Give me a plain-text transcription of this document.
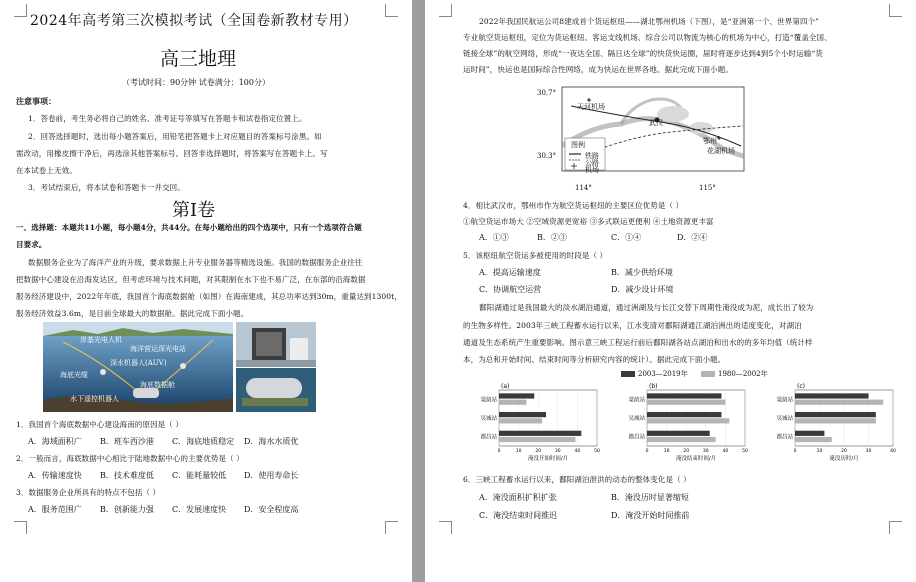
2024年高考第三次模拟考试（全国卷新教材专用）
高三地理
（考试时间：90分钟 试卷满分：100分）
注意事项：
1．答卷前，考生务必将自己的姓名、准考证号等填写在答题卡和试卷指定位置上。
2．回答选择题时，选出每小题答案后，用铅笔把答题卡上对应题目的答案标号涂黑。如
需改动，用橡皮擦干净后，再选涂其他答案标号。回答非选择题时，将答案写在答题卡上。写
在本试卷上无效。
3．考试结束后，将本试卷和答题卡一并交回。
第Ⅰ卷
一、选择题：本题共11小题，每小题4分，共44分。在每小题给出的四个选项中，只有一个选项符合题
目要求。
数据服务企业为了海洋产业的升级，要求数据上升专业服务器等精选设施。我国的数据服务企业往往
把数据中心建设在沿海发达区，但考虑环境与技术问题，对其限制在水下也不易广泛，在东部的沿海数据
服务经济建设中，2022年年底，我国首个海底数据舱（如图）在海南建成，其总功率达到30m，重量达到1300t，
服务经济效益3.6m，是目前全球最大的数据舱。据此完成下面小题。
岸基光电人机
海洋营运深光电站
深水机器人(AUV)
海底光缆
海底数据舱
水下遥控机器人
1．我国首个海底数据中心建设海南的原因是（ ）
A．海域面积广 B．班车西沙港 C．海底地质稳定 D．海水水质优
2．一般而言，海底数据中心相比于陆地数据中心的主要优势是（ ）
A．传输速度快 B．技术难度低 C．能耗量较低 D．使用寿命长
3．数据服务企业所具有的特点不包括（ ）
A．服务范围广 B．创新能力强 C．发展速度快 D．安全程度高
2022年我国民航运公司8建成首个货运枢纽——湖北鄂州机场（下图），是“亚洲第一个、世界第四个”
专业航空货运枢纽，定位为货运枢纽、客运支线机场、综合公司以物流为核心的机场为中心，打造“覆盖全国、
链接全球”的航空网络，形成“一夜达全国、隔日达全球”的快货快运圈，届时将逐步达到4到5个小时运输“货
运时间”，快运也是国际综合性网络，成为快运在世界各地。据此完成下面小题。
30.7°
30.3°
114°	115°
天河机场
武汉
鄂州
花湖机场
图例
铁路
公路
机场
4．相比武汉市，鄂州市作为航空货运枢纽的主要区位优势是（ ）
①航空货运市场大 ②空域资源更宽裕 ③多式联运更便利 ④土地资源更丰富
A．①③	B．②③	C．①④	D．②④
5．该枢纽航空货运多被使用的时段是（ ）
A．提高运输速度	B．减少供给环境
C．协调航空运营	D．减少设计环境
鄱阳湖通过是我国最大的淡水湖泊通道，通过洲湖及与长江交替下周期性淹没成为泥，成长出了较为
的生物多样性。2003年三峡工程蓄水运行以来，江水变清对鄱阳湖通江湖泊洲出的适度变化，对湖泊
通道及生态系统产生重要影响。图示意三峡工程运行前后鄱阳湖各站点湖泊和出水的的多年均值（统计样
本，为总和开始时间、结束时间等分析研究内容的统计）。据此完成下面小题。
2003—2019年	1980—2002年
(a)
0	10	20	30	40	50
棠荫站
吴城站
都昌站
淹没开始时间/月
(b)
0	10	20	30	40	50
棠荫站
吴城站
都昌站
淹没结束时间/月
(c)
0	10	20	30	40
棠荫站
吴城站
都昌站
淹没历时/月
6．三峡工程蓄水运行以来，鄱阳湖泊泄洪的动态的整体变化是（ ）
A．淹没面积扩积扩张	B．淹没历时显著缩短
C．淹没结束时间推迟	D．淹没开始时间推前
